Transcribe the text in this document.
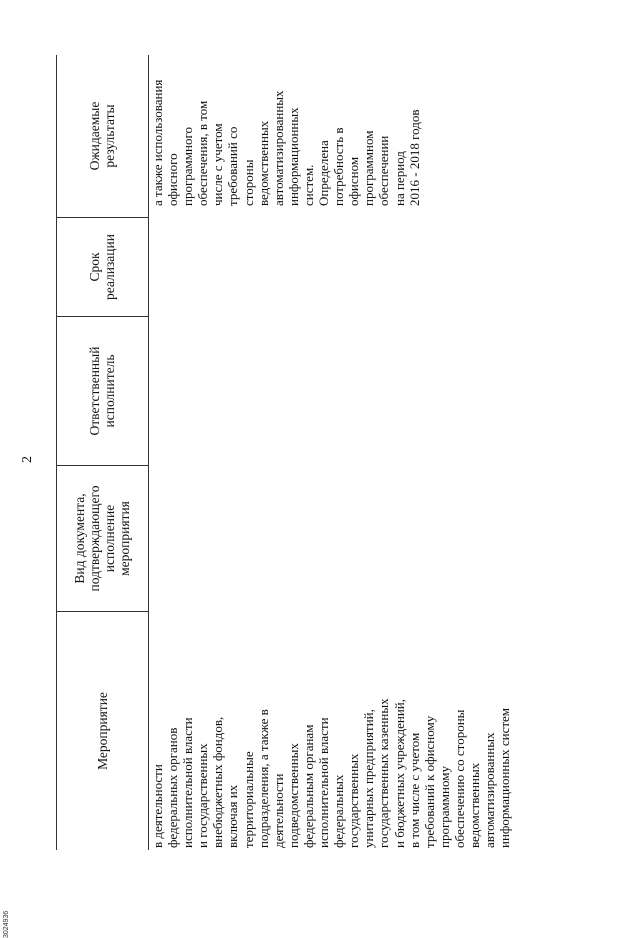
2
Мероприятие
Вид документа, подтверждающего исполнение мероприятия
Ответственный исполнитель
Срок реализации
Ожидаемые результаты
в деятельности
федеральных органов
исполнительной власти
и государственных
внебюджетных фондов,
включая их
территориальные
подразделения, а также в
деятельности
подведомственных
федеральным органам
исполнительной власти
федеральных
государственных
унитарных предприятий,
государственных казенных
и бюджетных учреждений,
в том числе с учетом
требований к офисному
программному
обеспечению со стороны
ведомственных
автоматизированных
информационных систем
а также использования
офисного
программного
обеспечения, в том
числе с учетом
требований со
стороны
ведомственных
автоматизированных
информационных
систем.
Определена
потребность в
офисном
программном
обеспечении
на период
2016 - 2018 годов
3024936
